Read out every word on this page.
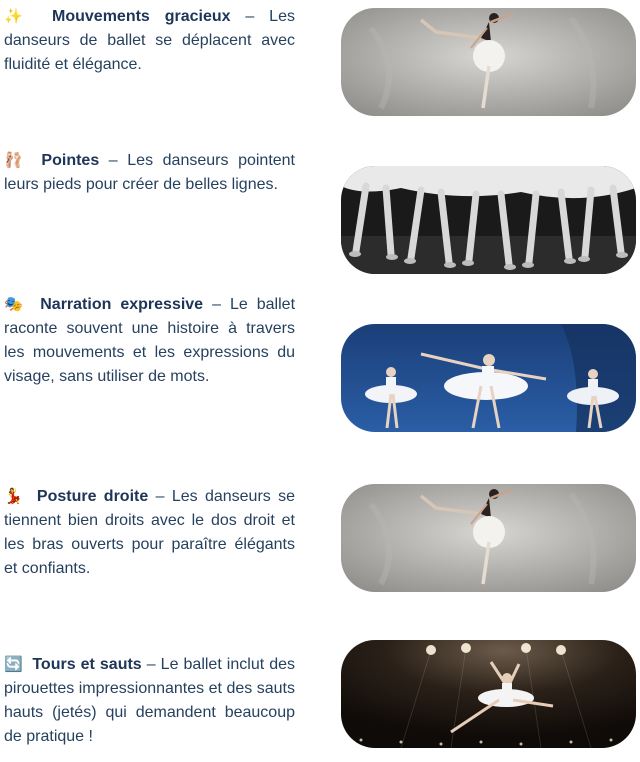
✨ Mouvements gracieux – Les danseurs de ballet se déplacent avec fluidité et élégance.
🩰 Pointes – Les danseurs pointent leurs pieds pour créer de belles lignes.
🎭 Narration expressive – Le ballet raconte souvent une histoire à travers les mouvements et les expressions du visage, sans utiliser de mots.
💃 Posture droite – Les danseurs se tiennent bien droits avec le dos droit et les bras ouverts pour paraître élégants et confiants.
🔄 Tours et sauts – Le ballet inclut des pirouettes impressionnantes et des sauts hauts (jetés) qui demandent beaucoup de pratique !
